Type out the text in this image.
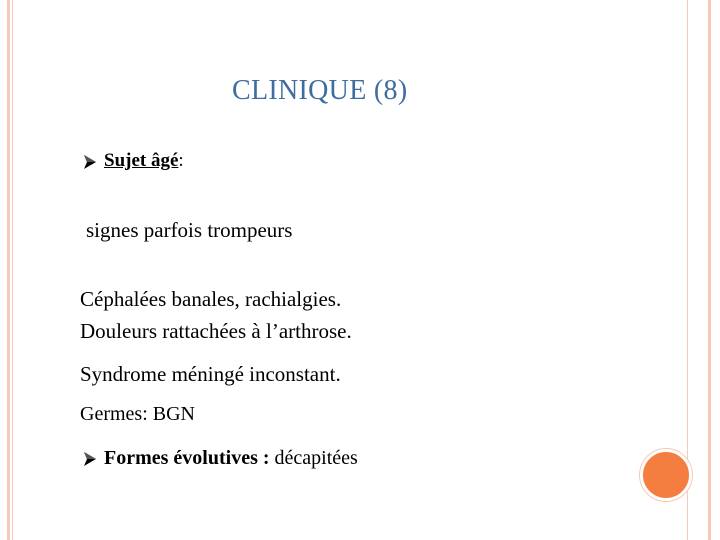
CLINIQUE (8)
Sujet âgé:
signes parfois trompeurs
Céphalées banales, rachialgies.
Douleurs rattachées à l’arthrose.
Syndrome méningé inconstant.
Germes: BGN
Formes évolutives : décapitées
